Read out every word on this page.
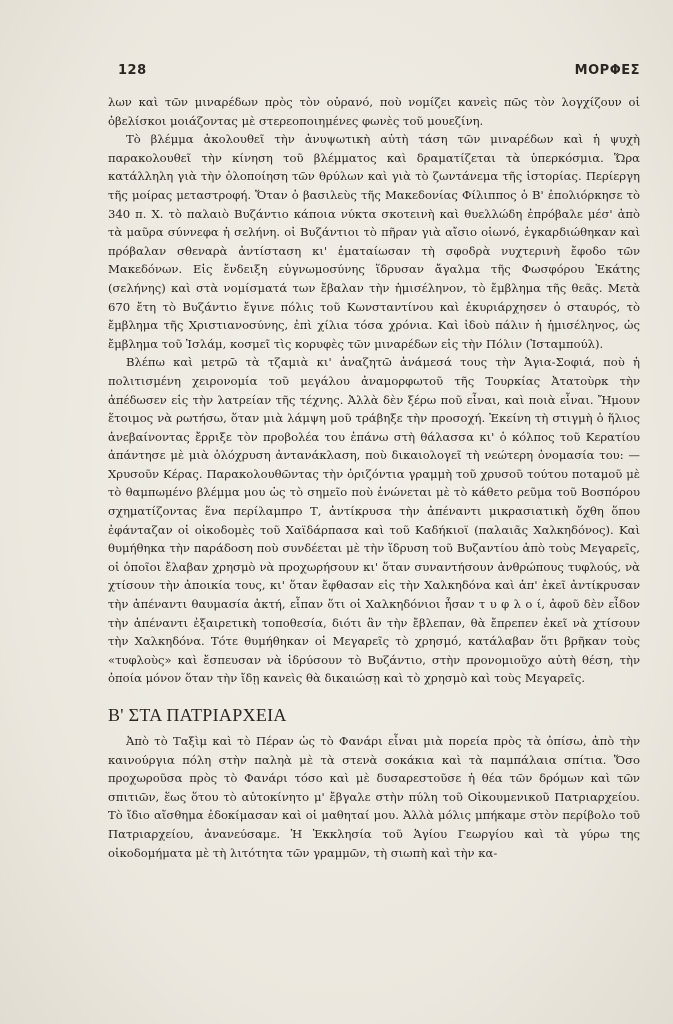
128	ΜΟΡΦΕΣ

λων καὶ τῶν μιναρέδων πρὸς τὸν οὐρανό, ποὺ νομίζει κανεὶς πῶς τὸν λογχίζουν οἱ ὀβελίσκοι μοιάζοντας μὲ στερεοποιημένες φωνὲς τοῦ μουεζίνη.

Τὸ βλέμμα ἀκολουθεῖ τὴν ἀνυψωτικὴ αὐτὴ τάση τῶν μιναρέδων καὶ ἡ ψυχὴ παρακολουθεῖ τὴν κίνηση τοῦ βλέμματος καὶ δραματίζεται τὰ ὑπερκόσμια. Ὥρα κατάλληλη γιὰ τὴν ὁλοποίηση τῶν θρύλων καὶ γιὰ τὸ ζωντάνεμα τῆς ἱστορίας. Περίεργη τῆς μοίρας μεταστροφή. Ὅταν ὁ βασιλεὺς τῆς Μακεδονίας Φίλιππος ὁ Β' ἐπολιόρκησε τὸ 340 π. Χ. τὸ παλαιὸ Βυζάντιο κάποια νύκτα σκοτεινὴ καὶ θυελλώδη ἐπρόβαλε μέσ' ἀπὸ τὰ μαῦρα σύννεφα ἡ σελήνη. οἱ Βυζάντιοι τὸ πῆραν γιὰ αἴσιο οἰωνό, ἐγκαρδιώθηκαν καὶ πρόβαλαν σθεναρὰ ἀντίσταση κι' ἐματαίωσαν τὴ σφοδρὰ νυχτερινὴ ἔφοδο τῶν Μακεδόνων. Εἰς ἔνδειξη εὐγνωμοσύνης ἵδρυσαν ἄγαλμα τῆς Φωσφόρου Ἑκάτης (σελήνης) καὶ στὰ νομίσματά των ἔβαλαν τὴν ἡμισέληνον, τὸ ἔμβλημα τῆς θεᾶς. Μετὰ 670 ἔτη τὸ Βυζάντιο ἔγινε πόλις τοῦ Κωνσταντίνου καὶ ἐκυριάρχησεν ὁ σταυρός, τὸ ἔμβλημα τῆς Χριστιανοσύνης, ἐπὶ χίλια τόσα χρόνια. Καὶ ἰδοὺ πάλιν ἡ ἡμισέληνος, ὡς ἔμβλημα τοῦ Ἰσλάμ, κοσμεῖ τὶς κορυφὲς τῶν μιναρέδων εἰς τὴν Πόλιν (Ἰσταμπούλ).

Βλέπω καὶ μετρῶ τὰ τζαμιὰ κι' ἀναζητῶ ἀνάμεσά τους τὴν Ἁγια-Σοφιά, ποὺ ἡ πολιτισμένη χειρονομία τοῦ μεγάλου ἀναμορφωτοῦ τῆς Τουρκίας Ἀτατοὺρκ τὴν ἀπέδωσεν εἰς τὴν λατρείαν τῆς τέχνης. Ἀλλὰ δὲν ξέρω ποῦ εἶναι, καὶ ποιὰ εἶναι. Ἤμουν ἕτοιμος νὰ ρωτήσω, ὅταν μιὰ λάμψη μοῦ τράβηξε τὴν προσοχή. Ἐκείνη τὴ στιγμὴ ὁ ἥλιος ἀνεβαίνοντας ἔρριξε τὸν προβολέα του ἐπάνω στὴ θάλασσα κι' ὁ κόλπος τοῦ Κερατίου ἀπάντησε μὲ μιὰ ὁλόχρυση ἀντανάκλαση, ποὺ δικαιολογεῖ τὴ νεώτερη ὀνομασία του: —Χρυσοῦν Κέρας. Παρακολουθῶντας τὴν ὁριζόντια γραμμὴ τοῦ χρυσοῦ τούτου ποταμοῦ μὲ τὸ θαμπωμένο βλέμμα μου ὡς τὸ σημεῖο ποὺ ἑνώνεται μὲ τὸ κάθετο ρεῦμα τοῦ Βοσπόρου σχηματίζοντας ἕνα περίλαμπρο Τ, ἀντίκρυσα τὴν ἀπέναντι μικρασιατικὴ ὄχθη ὅπου ἐφάνταζαν οἱ οἰκοδομὲς τοῦ Χαϊδάρπασα καὶ τοῦ Καδήκιοϊ (παλαιᾶς Χαλκηδόνος). Καὶ θυμήθηκα τὴν παράδοση ποὺ συνδέεται μὲ τὴν ἵδρυση τοῦ Βυζαντίου ἀπὸ τοὺς Μεγαρεῖς, οἱ ὁποῖοι ἔλαβαν χρησμὸ νὰ προχωρήσουν κι' ὅταν συναντήσουν ἀνθρώπους τυφλούς, νὰ χτίσουν τὴν ἀποικία τους, κι' ὅταν ἔφθασαν εἰς τὴν Χαλκηδόνα καὶ ἀπ' ἐκεῖ ἀντίκρυσαν τὴν ἀπέναντι θαυμασία ἀκτή, εἶπαν ὅτι οἱ Χαλκηδόνιοι ἦσαν τ υ φ λ ο ί, ἀφοῦ δὲν εἶδον τὴν ἀπέναντι ἐξαιρετικὴ τοποθεσία, διότι ἂν τὴν ἔβλεπαν, θὰ ἔπρεπεν ἐκεῖ νὰ χτίσουν τὴν Χαλκηδόνα. Τότε θυμήθηκαν οἱ Μεγαρεῖς τὸ χρησμό, κατάλαβαν ὅτι βρῆκαν τοὺς «τυφλοὺς» καὶ ἔσπευσαν νὰ ἱδρύσουν τὸ Βυζάντιο, στὴν προνομιοῦχο αὐτὴ θέση, τὴν ὁποία μόνον ὅταν τὴν ἴδῃ κανεὶς θὰ δικαιώσῃ καὶ τὸ χρησμὸ καὶ τοὺς Μεγαρεῖς.

Β' ΣΤΑ ΠΑΤΡΙΑΡΧΕΙΑ

Ἀπὸ τὸ Ταξὶμ καὶ τὸ Πέραν ὡς τὸ Φανάρι εἶναι μιὰ πορεία πρὸς τὰ ὀπίσω, ἀπὸ τὴν καινούργια πόλη στὴν παληὰ μὲ τὰ στενὰ σοκάκια καὶ τὰ παμπάλαια σπίτια. Ὅσο προχωροῦσα πρὸς τὸ Φανάρι τόσο καὶ μὲ δυσαρεστοῦσε ἡ θέα τῶν δρόμων καὶ τῶν σπιτιῶν, ἕως ὅτου τὸ αὐτοκίνητο μ' ἔβγαλε στὴν πύλη τοῦ Οἰκουμενικοῦ Πατριαρχείου. Τὸ ἴδιο αἴσθημα ἐδοκίμασαν καὶ οἱ μαθηταί μου. Ἀλλὰ μόλις μπήκαμε στὸν περίβολο τοῦ Πατριαρχείου, ἀνανεύσαμε. Ἡ Ἐκκλησία τοῦ Ἁγίου Γεωργίου καὶ τὰ γύρω της οἰκοδομήματα μὲ τὴ λιτότητα τῶν γραμμῶν, τὴ σιωπὴ καὶ τὴν κα-
